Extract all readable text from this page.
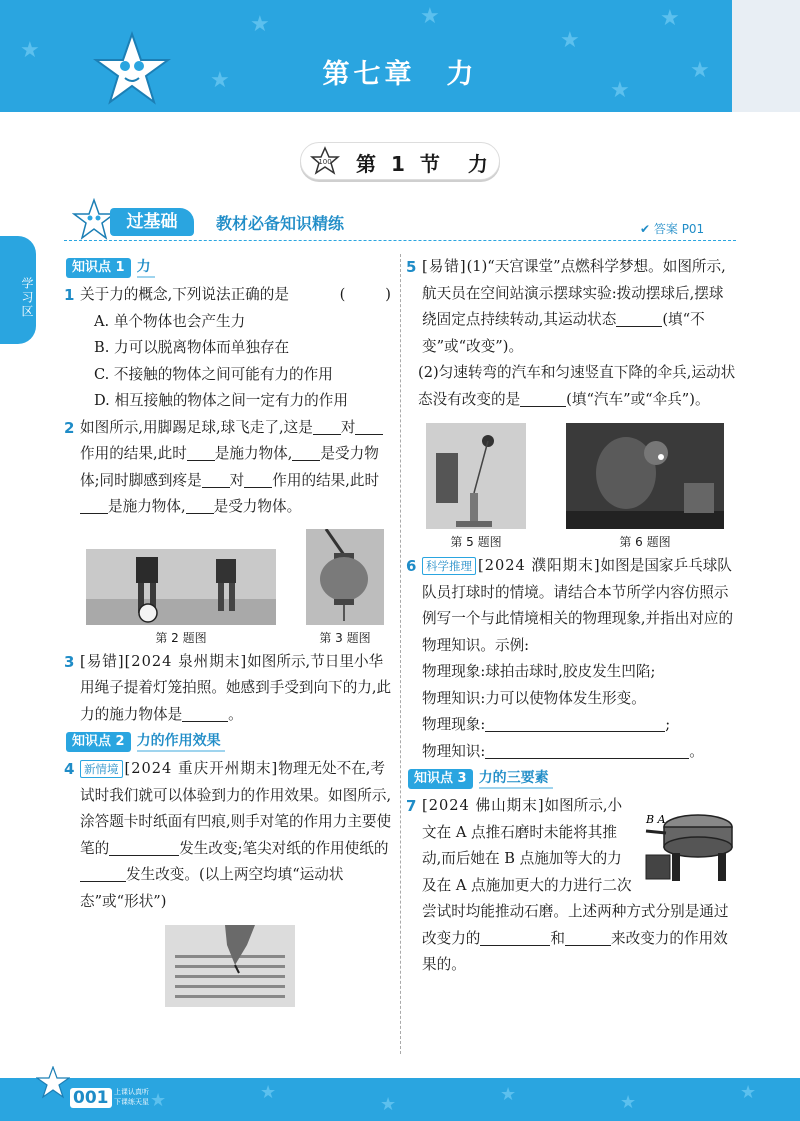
★	★
★
★
★	★
★
★
第七章　力
100 第 1 节　力
学习区
过基础	教材必备知识精练	✔ 答案 P01
知识点 1 力
1 关于力的概念,下列说法正确的是	(	)
A. 单个物体也会产生力
B. 力可以脱离物体而单独存在
C. 不接触的物体之间可能有力的作用
D. 相互接触的物体之间一定有力的作用
2 如图所示,用脚踢足球,球飞走了,这是 对作用的结果,此时 是施力物体, 是受力物体;同时脚感到疼是 对 作用的结果,此时是施力物体, 是受力物体。
第 2 题图	第 3 题图
3 [易错][2024 泉州期末]如图所示,节日里小华用绳子提着灯笼拍照。她感到手受到向下的力,此力的施力物体是	。
知识点 2 力的作用效果
4 新情境 [2024 重庆开州期末]物理无处不在,考试时我们就可以体验到力的作用效果。如图所示,涂答题卡时纸面有凹痕,则手对笔的作用力主要使笔的	发生改变;笔尖对纸的作用使纸的发生改变。(以上两空均填“运动状态”或“形状”)
5 [易错](1)“天宫课堂”点燃科学梦想。如图所示,航天员在空间站演示摆球实验:拨动摆球后,摆球绕固定点持续转动,其运动状态	(填“不变”或“改变”)。
(2)匀速转弯的汽车和匀速竖直下降的伞兵,运动状态没有改变的是	(填“汽车”或“伞兵”)。
第 5 题图	第 6 题图
6 科学推理 [2024 濮阳期末]如图是国家乒乓球队队员打球时的情境。请结合本节所学内容仿照示例写一个与此情境相关的物理现象,并指出对应的物理知识。示例:
物理现象:球拍击球时,胶皮发生凹陷;
物理知识:力可以使物体发生形变。
物理现象:	;
物理知识:	。
知识点 3 力的三要素
7
B A
[2024 佛山期末]如图所示,小文在 A 点推石磨时未能将其推动,而后她在 B 点施加等大的力及在 A 点施加更大的力进行二次尝试时均能推动石磨。上述两种方式分别是通过改变力的	和	来改变力的作用效果的。
★	★
★	★	★	★
001 上课认真听
下课练天星
